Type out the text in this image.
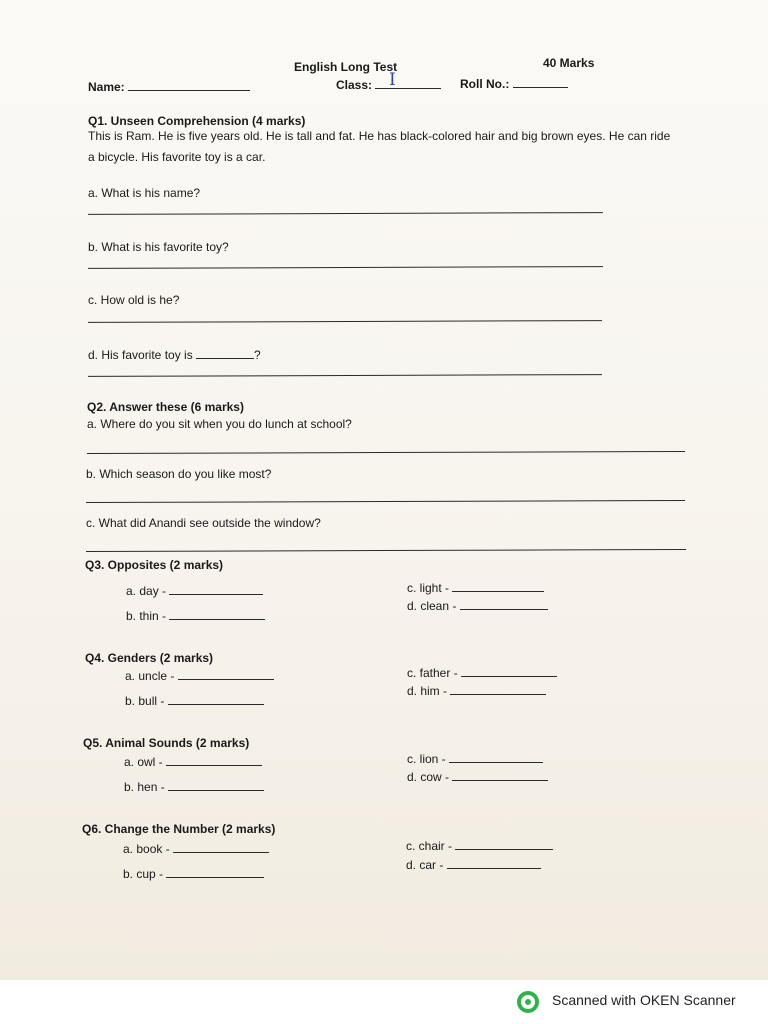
English Long Test	40 Marks
Name:	Class: I	Roll No.:
Q1. Unseen Comprehension (4 marks)
This is Ram. He is five years old. He is tall and fat. He has black-colored hair and big brown eyes. He can ride
a bicycle. His favorite toy is a car.
a. What is his name?
b. What is his favorite toy?
c. How old is he?
d. His favorite toy is	?
Q2. Answer these (6 marks)
a. Where do you sit when you do lunch at school?
b. Which season do you like most?
c. What did Anandi see outside the window?
Q3. Opposites (2 marks)
a. day -
b. thin -
c. light -
d. clean -
Q4. Genders (2 marks)
a. uncle -
b. bull -
c. father -
d. him -
Q5. Animal Sounds (2 marks)
a. owl -
b. hen -
c. lion -
d. cow -
Q6. Change the Number (2 marks)
a. book -
b. cup -
c. chair -
d. car -
Scanned with OKEN Scanner
